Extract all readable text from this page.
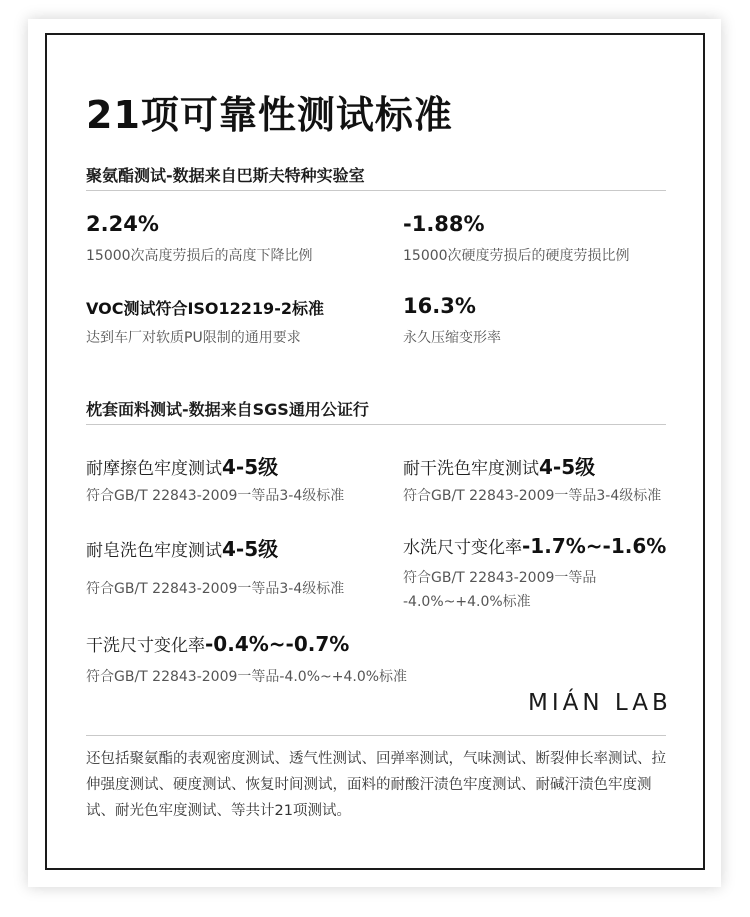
21项可靠性测试标准
聚氨酯测试-数据来自巴斯夫特种实验室
2.24%
15000次高度劳损后的高度下降比例
-1.88%
15000次硬度劳损后的硬度劳损比例
VOC测试符合ISO12219-2标准
达到车厂对软质PU限制的通用要求
16.3%
永久压缩变形率
枕套面料测试-数据来自SGS通用公证行
耐摩擦色牢度测试4-5级
符合GB/T 22843-2009一等品3-4级标准
耐干洗色牢度测试4-5级
符合GB/T 22843-2009一等品3-4级标准
耐皂洗色牢度测试4-5级
符合GB/T 22843-2009一等品3-4级标准
水洗尺寸变化率-1.7%~-1.6%
符合GB/T 22843-2009一等品
-4.0%~+4.0%标准
干洗尺寸变化率-0.4%~-0.7%
符合GB/T 22843-2009一等品-4.0%~+4.0%标准
MIÁN LAB
还包括聚氨酯的表观密度测试、透气性测试、回弹率测试，气味测试、断裂伸长率测试、拉伸强度测试、硬度测试、恢复时间测试，面料的耐酸汗渍色牢度测试、耐碱汗渍色牢度测试、耐光色牢度测试、等共计21项测试。
